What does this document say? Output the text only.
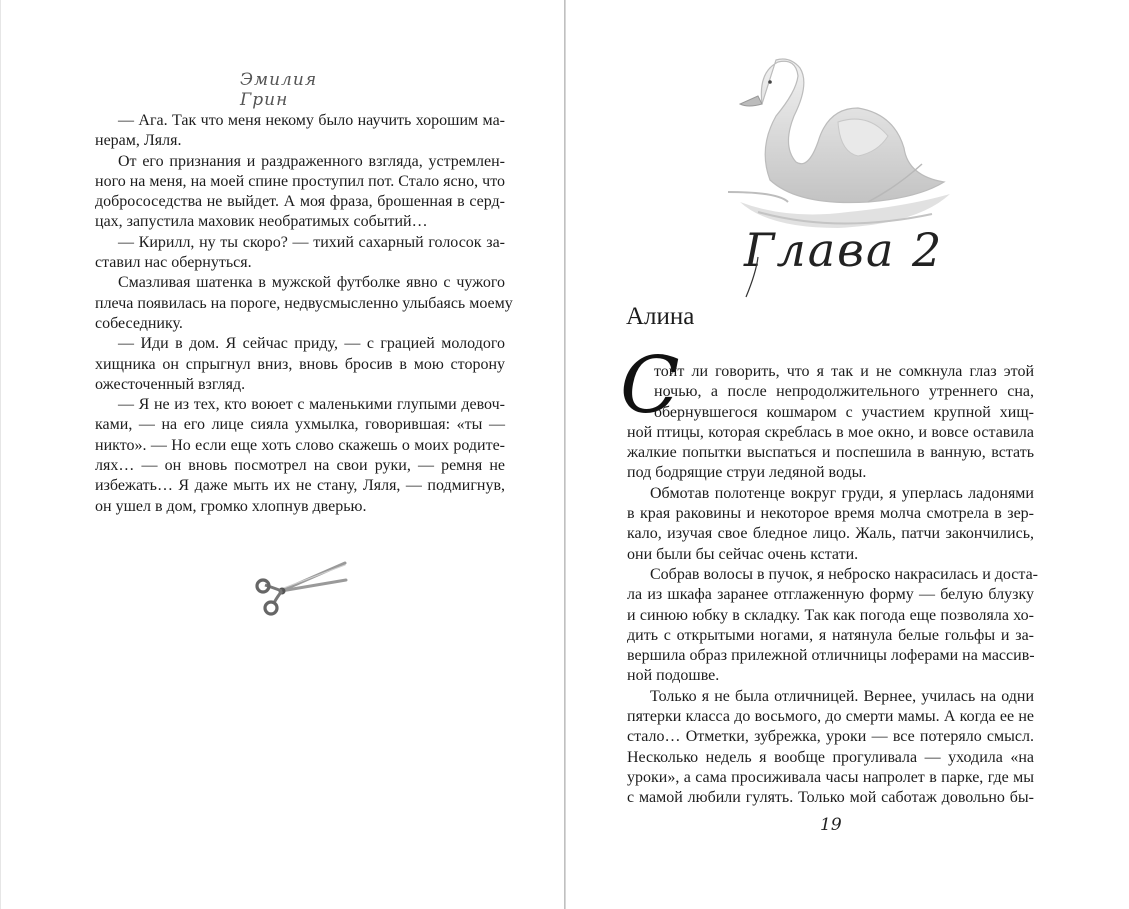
Эмилия Грин
— Ага. Так что меня некому было научить хорошим ма-
нерам, Ляля.
От его признания и раздраженного взгляда, устремлен-
ного на меня, на моей спине проступил пот. Стало ясно, что
добрососедства не выйдет. А моя фраза, брошенная в серд-
цах, запустила маховик необратимых событий…
— Кирилл, ну ты скоро? — тихий сахарный голосок за-
ставил нас обернуться.
Смазливая шатенка в мужской футболке явно с чужого
плеча появилась на пороге, недвусмысленно улыбаясь моему
собеседнику.
— Иди в дом. Я сейчас приду, — с грацией молодого
хищника он спрыгнул вниз, вновь бросив в мою сторону
ожесточенный взгляд.
— Я не из тех, кто воюет с маленькими глупыми девоч-
ками, — на его лице сияла ухмылка, говорившая: «ты —
никто». — Но если еще хоть слово скажешь о моих родите-
лях… — он вновь посмотрел на свои руки, — ремня не
избежать… Я даже мыть их не стану, Ляля, — подмигнув,
он ушел в дом, громко хлопнув дверью.
Глава 2
Алина
С
тоит ли говорить, что я так и не сомкнула глаз этой
ночью, а после непродолжительного утреннего сна,
обернувшегося кошмаром с участием крупной хищ-
ной птицы, которая скреблась в мое окно, и вовсе оставила
жалкие попытки выспаться и поспешила в ванную, встать
под бодрящие струи ледяной воды.
Обмотав полотенце вокруг груди, я уперлась ладонями
в края раковины и некоторое время молча смотрела в зер-
кало, изучая свое бледное лицо. Жаль, патчи закончились,
они были бы сейчас очень кстати.
Собрав волосы в пучок, я неброско накрасилась и доста-
ла из шкафа заранее отглаженную форму — белую блузку
и синюю юбку в складку. Так как погода еще позволяла хо-
дить с открытыми ногами, я натянула белые гольфы и за-
вершила образ прилежной отличницы лоферами на массив-
ной подошве.
Только я не была отличницей. Вернее, училась на одни
пятерки класса до восьмого, до смерти мамы. А когда ее не
стало… Отметки, зубрежка, уроки — все потеряло смысл.
Несколько недель я вообще прогуливала — уходила «на
уроки», а сама просиживала часы напролет в парке, где мы
с мамой любили гулять. Только мой саботаж довольно бы-
19
